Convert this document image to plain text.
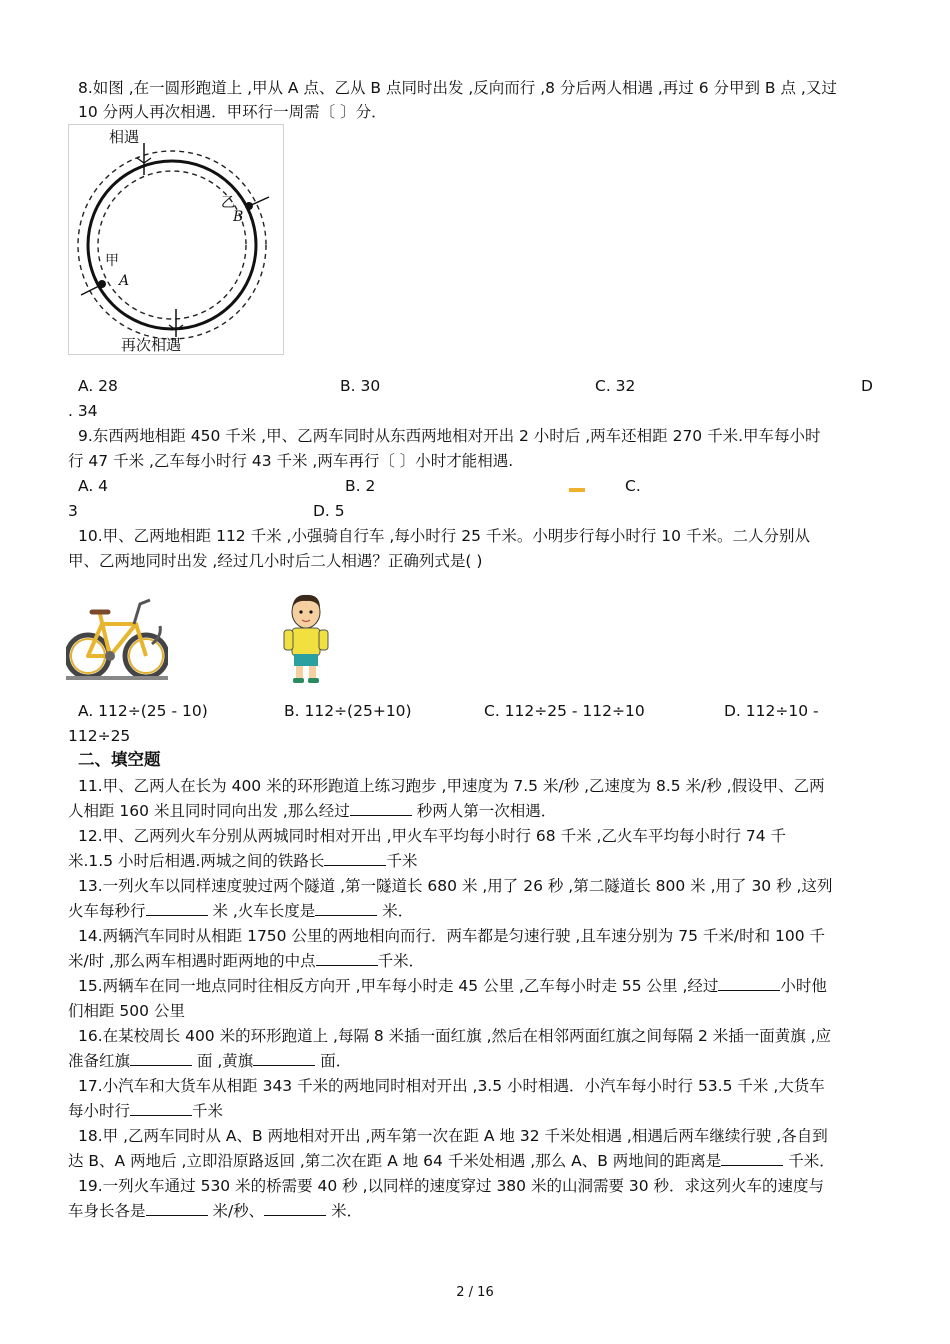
8.如图 ,在一圆形跑道上 ,甲从 A 点、乙从 B 点同时出发 ,反向而行 ,8 分后两人相遇 ,再过 6 分甲到 B 点 ,又过
10 分两人再次相遇．甲环行一周需〔 〕分．
相遇
再次相遇
甲
A
乙
B
A. 28	B. 30	C. 32	D
. 34
9.东西两地相距 450 千米 ,甲、乙两车同时从东西两地相对开出 2 小时后 ,两车还相距 270 千米.甲车每小时
行 47 千米 ,乙车每小时行 43 千米 ,两车再行〔 〕小时才能相遇.
A. 4	B. 2	C.
3	D. 5
10.甲、乙两地相距 112 千米 ,小强骑自行车 ,每小时行 25 千米。小明步行每小时行 10 千米。二人分别从
甲、乙两地同时出发 ,经过几小时后二人相遇？正确列式是( )
A. 112÷(25 - 10)	B. 112÷(25+10)	C. 112÷25 - 112÷10	D. 112÷10 -
112÷25
二、填空题
11.甲、乙两人在长为 400 米的环形跑道上练习跑步 ,甲速度为 7.5 米/秒 ,乙速度为 8.5 米/秒 ,假设甲、乙两
人相距 160 米且同时同向出发 ,那么经过	秒两人第一次相遇．
12.甲、乙两列火车分别从两城同时相对开出 ,甲火车平均每小时行 68 千米 ,乙火车平均每小时行 74 千
米.1.5 小时后相遇.两城之间的铁路长	千米
13.一列火车以同样速度驶过两个隧道 ,第一隧道长 680 米 ,用了 26 秒 ,第二隧道长 800 米 ,用了 30 秒 ,这列
火车每秒行	米 ,火车长度是	米．
14.两辆汽车同时从相距 1750 公里的两地相向而行．两车都是匀速行驶 ,且车速分别为 75 千米/时和 100 千
米/时 ,那么两车相遇时距两地的中点	千米．
15.两辆车在同一地点同时往相反方向开 ,甲车每小时走 45 公里 ,乙车每小时走 55 公里 ,经过	小时他
们相距 500 公里
16.在某校周长 400 米的环形跑道上 ,每隔 8 米插一面红旗 ,然后在相邻两面红旗之间每隔 2 米插一面黄旗 ,应
准备红旗	面 ,黄旗	面．
17.小汽车和大货车从相距 343 千米的两地同时相对开出 ,3.5 小时相遇．小汽车每小时行 53.5 千米 ,大货车
每小时行	千米
18.甲 ,乙两车同时从 A、B 两地相对开出 ,两车第一次在距 A 地 32 千米处相遇 ,相遇后两车继续行驶 ,各自到
达 B、A 两地后 ,立即沿原路返回 ,第二次在距 A 地 64 千米处相遇 ,那么 A、B 两地间的距离是	千米．
19.一列火车通过 530 米的桥需要 40 秒 ,以同样的速度穿过 380 米的山洞需要 30 秒．求这列火车的速度与
车身长各是	米/秒、	米．
2 / 16
